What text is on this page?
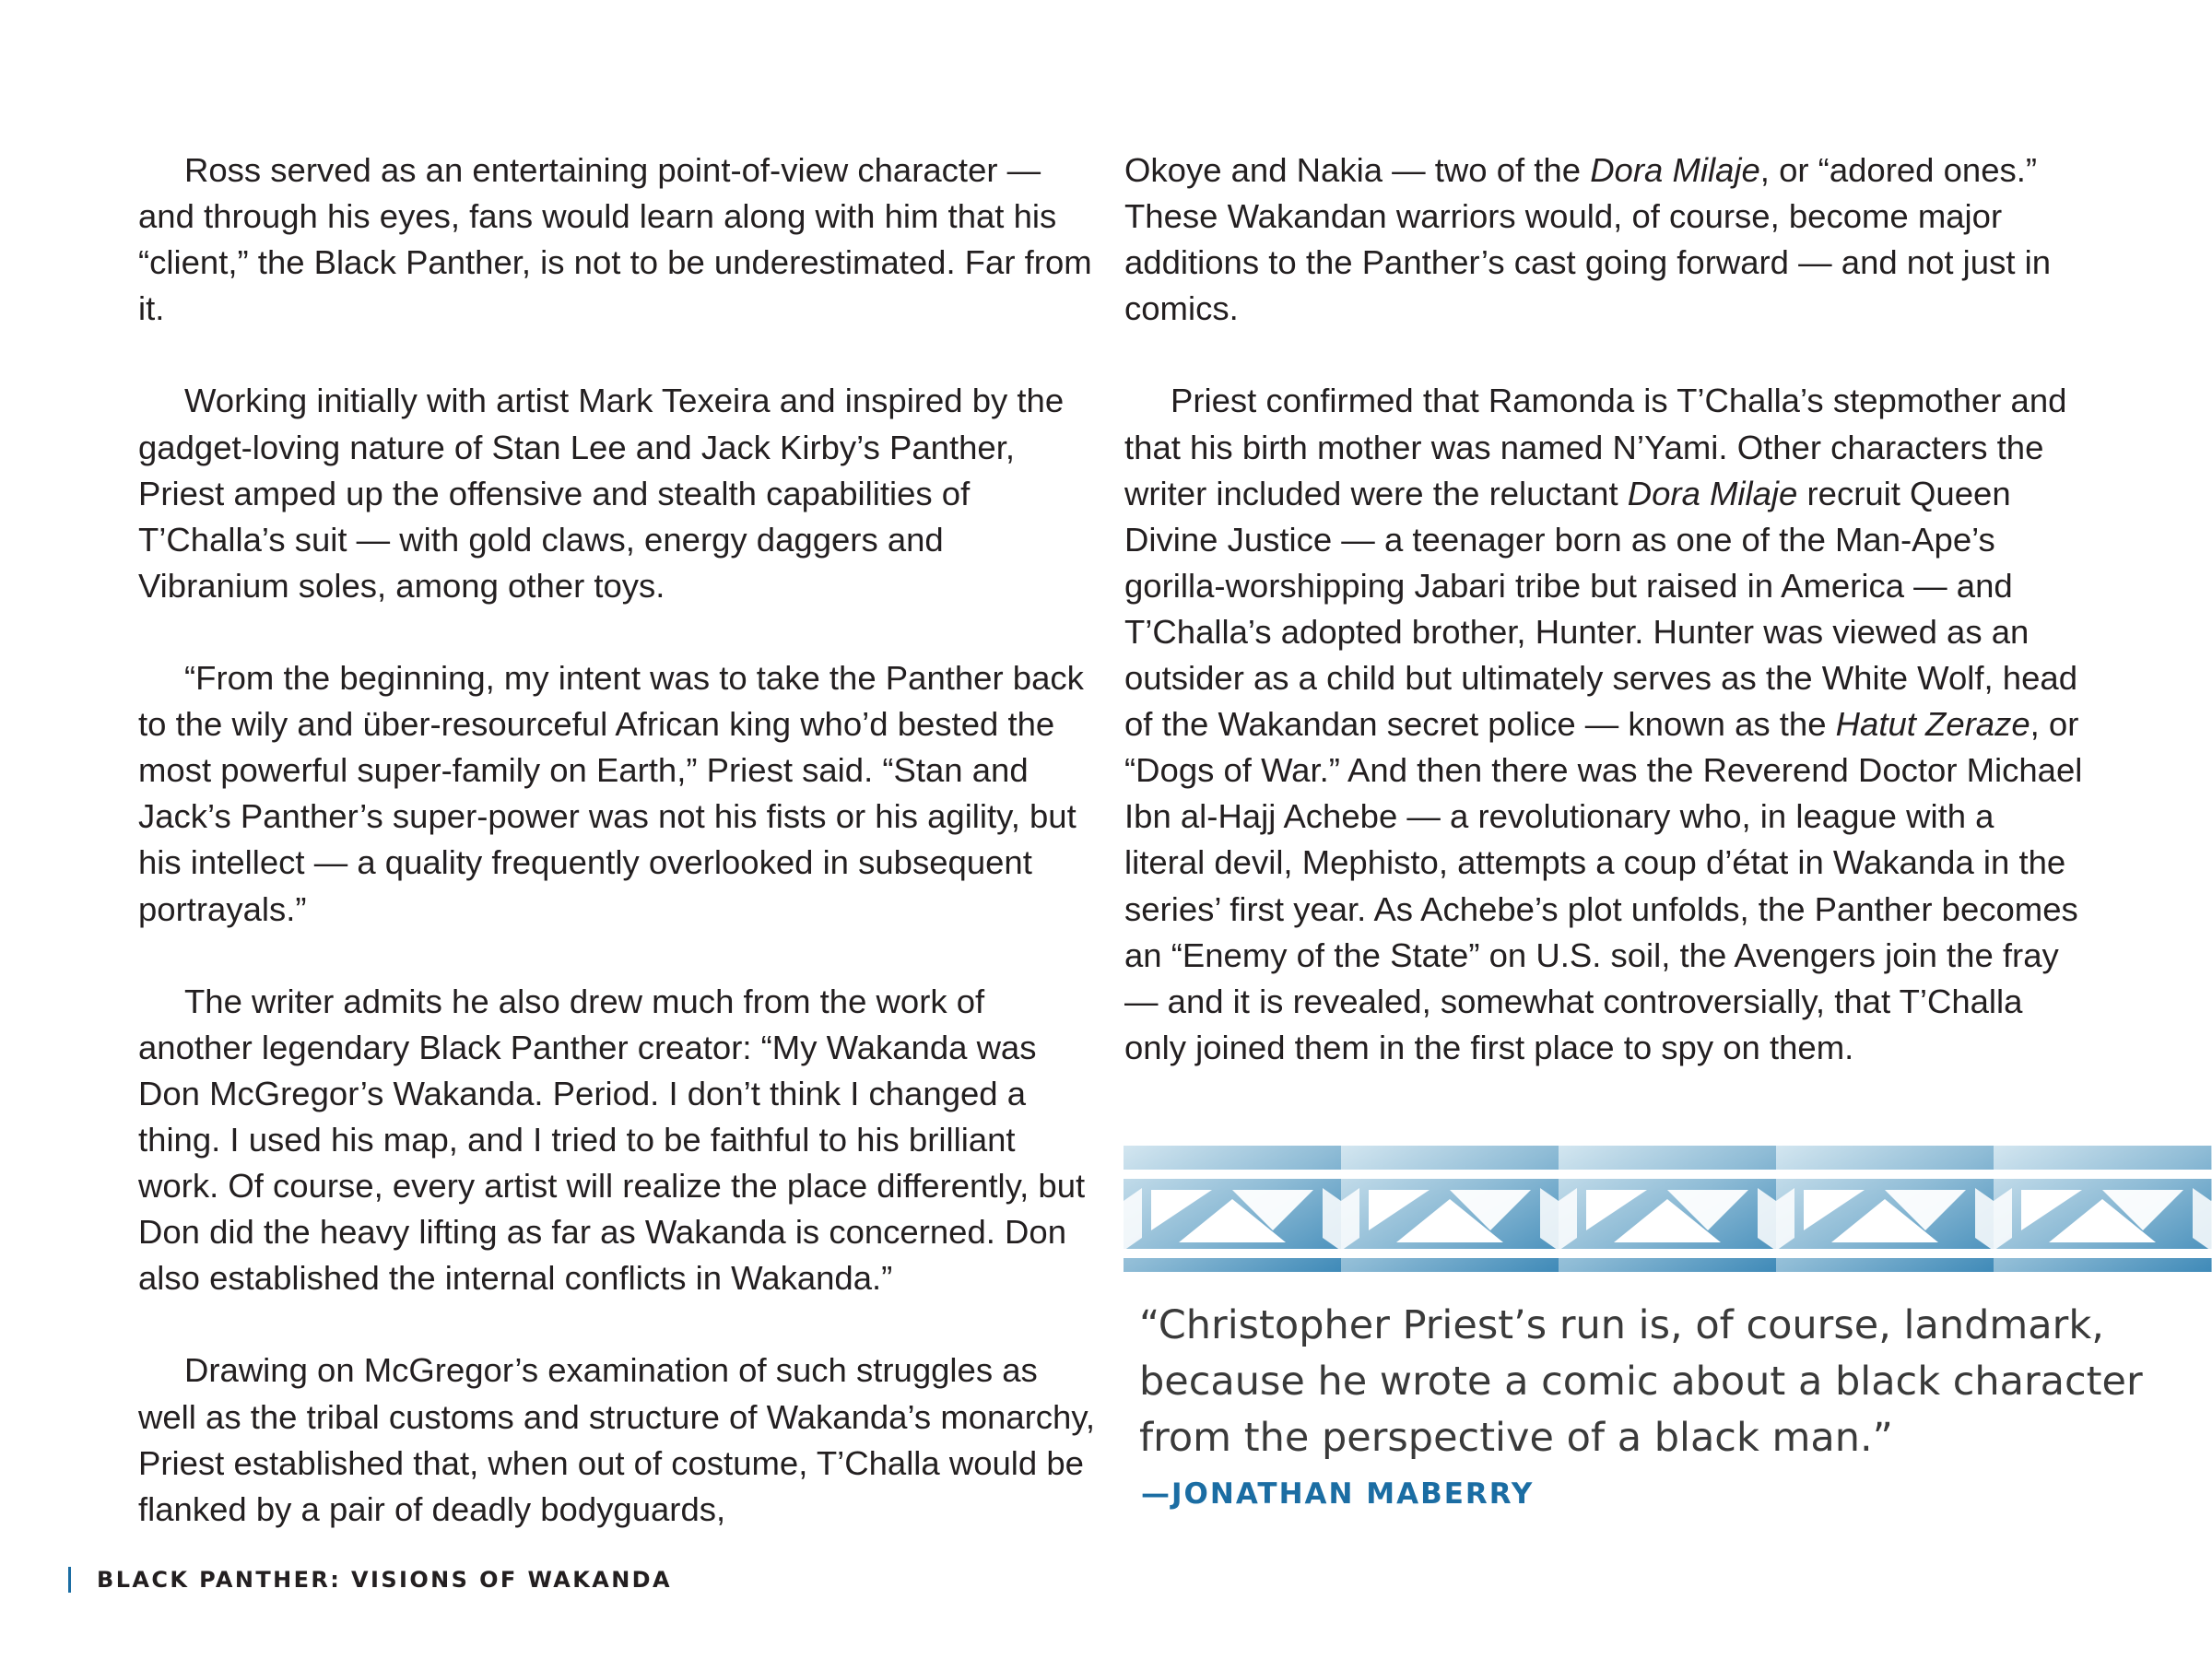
Ross served as an entertaining point-of-view character — and through his eyes, fans would learn along with him that his “client,” the Black Panther, is not to be underestimated. Far from it.

Working initially with artist Mark Texeira and inspired by the gadget-loving nature of Stan Lee and Jack Kirby’s Panther, Priest amped up the offensive and stealth capabilities of T’Challa’s suit — with gold claws, energy daggers and Vibranium soles, among other toys.

“From the beginning, my intent was to take the Panther back to the wily and über-resourceful African king who’d bested the most powerful super-family on Earth,” Priest said. “Stan and Jack’s Panther’s super-power was not his fists or his agility, but his intellect — a quality frequently overlooked in subsequent portrayals.”

The writer admits he also drew much from the work of another legendary Black Panther creator: “My Wakanda was Don McGregor’s Wakanda. Period. I don’t think I changed a thing. I used his map, and I tried to be faithful to his brilliant work. Of course, every artist will realize the place differently, but Don did the heavy lifting as far as Wakanda is concerned. Don also established the internal conflicts in Wakanda.”

Drawing on McGregor’s examination of such struggles as well as the tribal customs and structure of Wakanda’s monarchy, Priest established that, when out of costume, T’Challa would be flanked by a pair of deadly bodyguards,

Okoye and Nakia — two of the Dora Milaje, or “adored ones.” These Wakandan warriors would, of course, become major additions to the Panther’s cast going forward — and not just in comics.

Priest confirmed that Ramonda is T’Challa’s stepmother and that his birth mother was named N’Yami. Other characters the writer included were the reluctant Dora Milaje recruit Queen Divine Justice — a teenager born as one of the Man-Ape’s gorilla-worshipping Jabari tribe but raised in America — and T’Challa’s adopted brother, Hunter. Hunter was viewed as an outsider as a child but ultimately serves as the White Wolf, head of the Wakandan secret police — known as the Hatut Zeraze, or “Dogs of War.” And then there was the Reverend Doctor Michael Ibn al-Hajj Achebe — a revolutionary who, in league with a literal devil, Mephisto, attempts a coup d’état in Wakanda in the series’ first year. As Achebe’s plot unfolds, the Panther becomes an “Enemy of the State” on U.S. soil, the Avengers join the fray — and it is revealed, somewhat controversially, that T’Challa only joined them in the first place to spy on them.

“Christopher Priest’s run is, of course, landmark, because he wrote a comic about a black character from the perspective of a black man.”
—JONATHAN MABERRY
BLACK PANTHER: VISIONS OF WAKANDA
